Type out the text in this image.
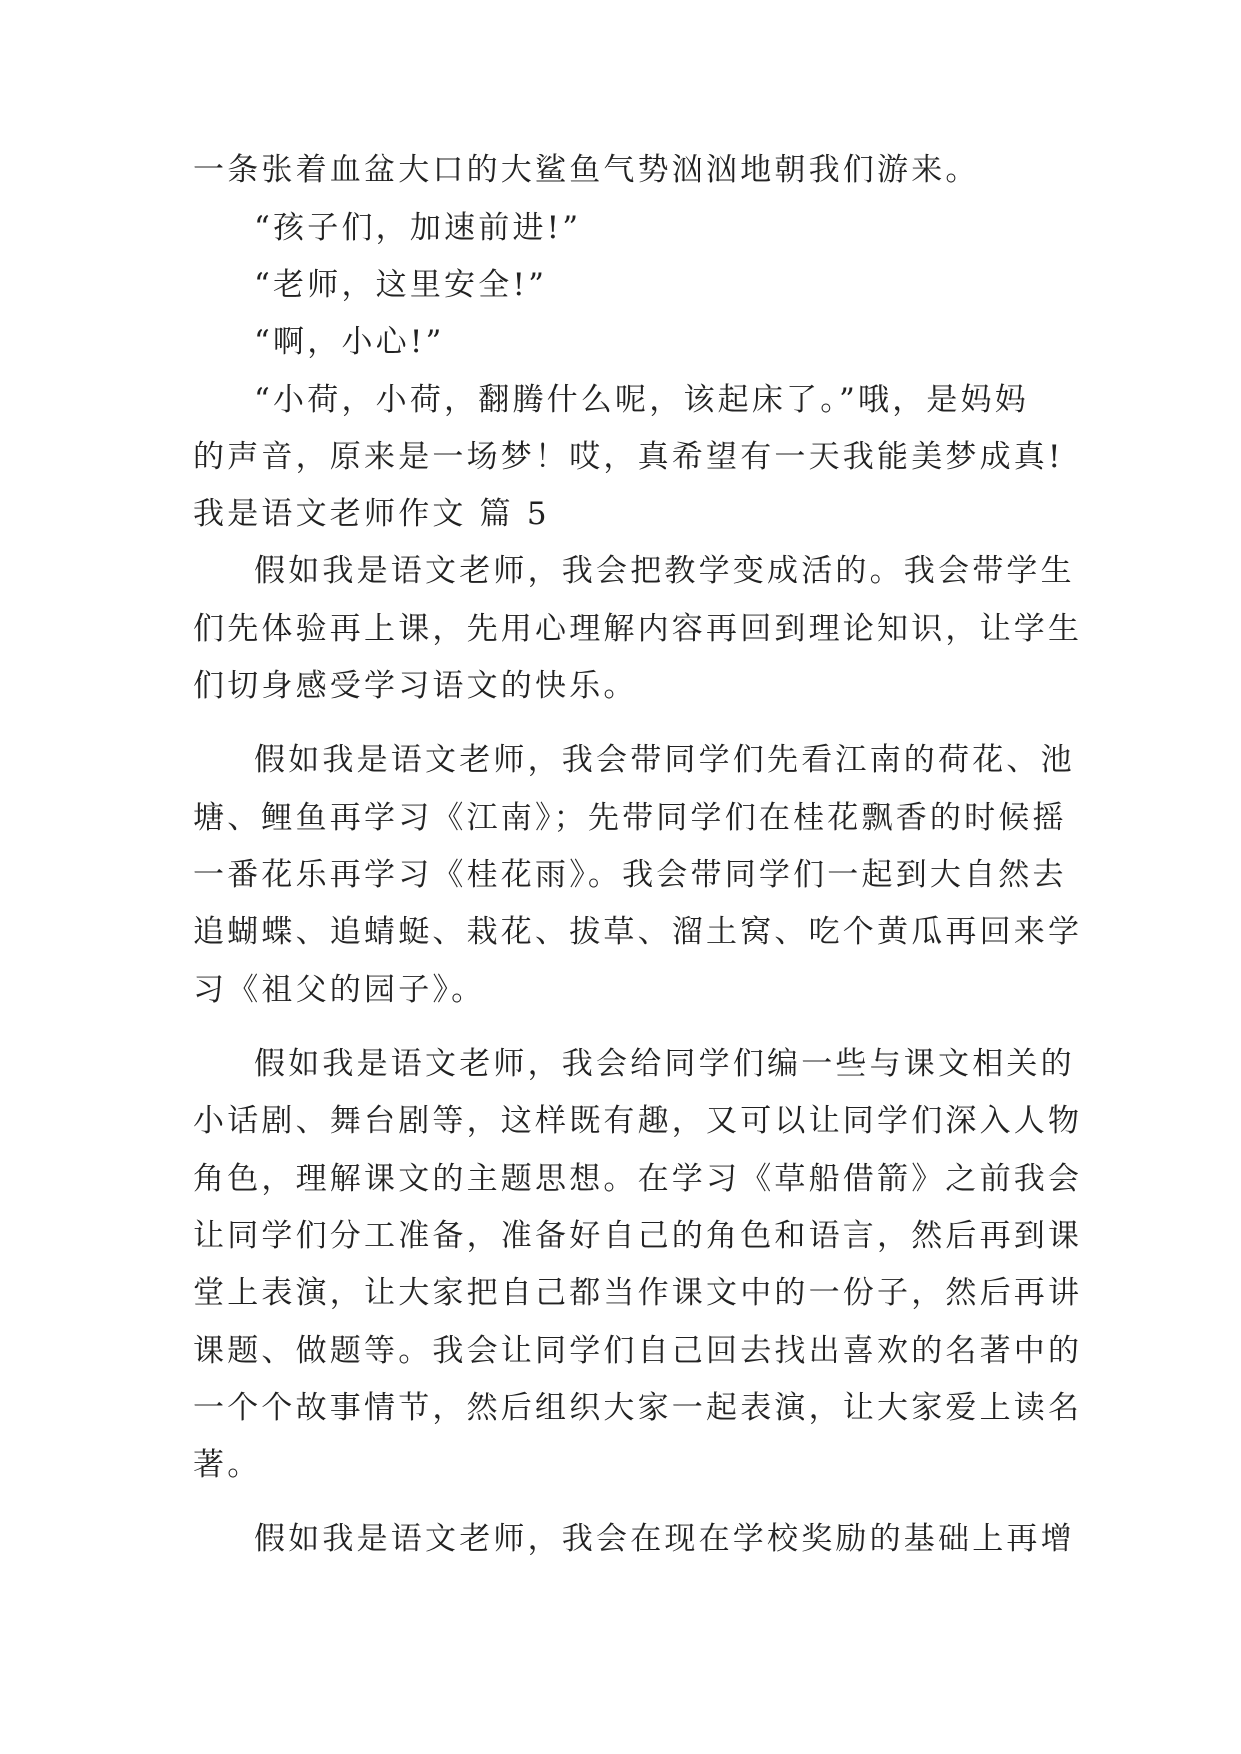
一条张着血盆大口的大鲨鱼气势汹汹地朝我们游来。
“孩子们，加速前进!”
“老师，这里安全!”
“啊，小心!”
“小荷，小荷，翻腾什么呢，该起床了。”哦，是妈妈
的声音，原来是一场梦！哎，真希望有一天我能美梦成真!
我是语文老师作文 篇 5
假如我是语文老师，我会把教学变成活的。我会带学生
们先体验再上课，先用心理解内容再回到理论知识，让学生
们切身感受学习语文的快乐。
假如我是语文老师，我会带同学们先看江南的荷花、池
塘、鲤鱼再学习《江南》；先带同学们在桂花飘香的时候摇
一番花乐再学习《桂花雨》。我会带同学们一起到大自然去
追蝴蝶、追蜻蜓、栽花、拔草、溜土窝、吃个黄瓜再回来学
习《祖父的园子》。
假如我是语文老师，我会给同学们编一些与课文相关的
小话剧、舞台剧等，这样既有趣，又可以让同学们深入人物
角色，理解课文的主题思想。在学习《草船借箭》之前我会
让同学们分工准备，准备好自己的角色和语言，然后再到课
堂上表演，让大家把自己都当作课文中的一份子，然后再讲
课题、做题等。我会让同学们自己回去找出喜欢的名著中的
一个个故事情节，然后组织大家一起表演，让大家爱上读名
著。
假如我是语文老师，我会在现在学校奖励的基础上再增
